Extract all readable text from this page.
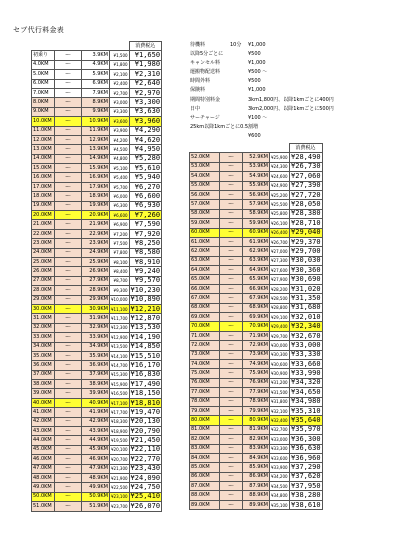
セブ代行料金表
待機料	10分 ¥1,000
以降5分ごとに	¥500
キャンセル料	¥1,000
運搬物配送料	¥500 ～
時間外料	¥500
保険料	¥1,000
期間特別料金	3km1,800円、以降1kmごとに400円
日中	3km2,000円、以降1kmごとに500円
サーチャージ	¥100 ～
25km以降1kmごとに0.5割増
¥600
				消費税込
初乗り	～	3.9KM	¥1,500	¥1,650
4.0KM	～	4.9KM	¥1,800	¥1,980
5.0KM	～	5.9KM	¥2,100	¥2,310
6.0KM	～	6.9KM	¥2,400	¥2,640
7.0KM	～	7.9KM	¥2,700	¥2,970
8.0KM	～	8.9KM	¥3,000	¥3,300
9.0KM	～	9.9KM	¥3,300	¥3,630
10.0KM	～	10.9KM	¥3,600	¥3,960
11.0KM	～	11.9KM	¥3,900	¥4,290
12.0KM	～	12.9KM	¥4,200	¥4,620
13.0KM	～	13.9KM	¥4,500	¥4,950
14.0KM	～	14.9KM	¥4,800	¥5,280
15.0KM	～	15.9KM	¥5,100	¥5,610
16.0KM	～	16.9KM	¥5,400	¥5,940
17.0KM	～	17.9KM	¥5,700	¥6,270
18.0KM	～	18.9KM	¥6,000	¥6,600
19.0KM	～	19.9KM	¥6,300	¥6,930
20.0KM	～	20.9KM	¥6,600	¥7,260
21.0KM	～	21.9KM	¥6,900	¥7,590
22.0KM	～	22.9KM	¥7,200	¥7,920
23.0KM	～	23.9KM	¥7,500	¥8,250
24.0KM	～	24.9KM	¥7,800	¥8,580
25.0KM	～	25.9KM	¥8,100	¥8,910
26.0KM	～	26.9KM	¥8,400	¥9,240
27.0KM	～	27.9KM	¥8,700	¥9,570
28.0KM	～	28.9KM	¥9,300	¥10,230
29.0KM	～	29.9KM	¥10,000	¥10,890
30.0KM	～	30.9KM	¥11,100	¥12,210
31.0KM	～	31.9KM	¥11,700	¥12,870
32.0KM	～	32.9KM	¥12,300	¥13,530
33.0KM	～	33.9KM	¥12,900	¥14,190
34.0KM	～	34.9KM	¥13,500	¥14,850
35.0KM	～	35.9KM	¥14,100	¥15,510
36.0KM	～	36.9KM	¥14,700	¥16,170
37.0KM	～	37.9KM	¥15,300	¥16,830
38.0KM	～	38.9KM	¥15,900	¥17,490
39.0KM	～	39.9KM	¥16,500	¥18,150
40.0KM	～	40.9KM	¥17,100	¥18,810
41.0KM	～	41.9KM	¥17,700	¥19,470
42.0KM	～	42.9KM	¥18,300	¥20,130
43.0KM	～	43.9KM	¥18,900	¥20,790
44.0KM	～	44.9KM	¥19,500	¥21,450
45.0KM	～	45.9KM	¥20,100	¥22,110
46.0KM	～	46.9KM	¥20,700	¥22,770
47.0KM	～	47.9KM	¥21,300	¥23,430
48.0KM	～	48.9KM	¥21,900	¥24,090
49.0KM	～	49.9KM	¥22,500	¥24,750
50.0KM	～	50.9KM	¥23,100	¥25,410
51.0KM	～	51.9KM	¥23,700	¥26,070
				消費税込
52.0KM	～	52.9KM	¥25,900	¥28,490
53.0KM	～	53.9KM	¥24,300	¥26,730
54.0KM	～	54.9KM	¥24,600	¥27,060
55.0KM	～	55.9KM	¥24,900	¥27,390
56.0KM	～	56.9KM	¥25,200	¥27,720
57.0KM	～	57.9KM	¥25,500	¥28,050
58.0KM	～	58.9KM	¥25,800	¥28,380
59.0KM	～	59.9KM	¥26,100	¥28,710
60.0KM	～	60.9KM	¥26,400	¥29,040
61.0KM	～	61.9KM	¥26,700	¥29,370
62.0KM	～	62.9KM	¥27,000	¥29,700
63.0KM	～	63.9KM	¥27,300	¥30,030
64.0KM	～	64.9KM	¥27,600	¥30,360
65.0KM	～	65.9KM	¥27,900	¥30,690
66.0KM	～	66.9KM	¥28,200	¥31,020
67.0KM	～	67.9KM	¥28,500	¥31,350
68.0KM	～	68.9KM	¥28,800	¥31,680
69.0KM	～	69.9KM	¥29,100	¥32,010
70.0KM	～	70.9KM	¥29,400	¥32,340
71.0KM	～	71.9KM	¥29,700	¥32,670
72.0KM	～	72.9KM	¥30,000	¥33,000
73.0KM	～	73.9KM	¥30,300	¥33,330
74.0KM	～	74.9KM	¥30,600	¥33,660
75.0KM	～	75.9KM	¥30,900	¥33,990
76.0KM	～	76.9KM	¥31,200	¥34,320
77.0KM	～	77.9KM	¥31,500	¥34,650
78.0KM	～	78.9KM	¥31,800	¥34,980
79.0KM	～	79.9KM	¥32,100	¥35,310
80.0KM	～	80.9KM	¥32,400	¥35,640
81.0KM	～	81.9KM	¥32,700	¥35,970
82.0KM	～	82.9KM	¥33,000	¥36,300
83.0KM	～	83.9KM	¥33,300	¥36,630
84.0KM	～	84.9KM	¥33,600	¥36,960
85.0KM	～	85.9KM	¥33,900	¥37,290
86.0KM	～	86.9KM	¥34,200	¥37,620
87.0KM	～	87.9KM	¥34,500	¥37,950
88.0KM	～	88.9KM	¥34,800	¥38,280
89.0KM	～	89.9KM	¥35,100	¥38,610
